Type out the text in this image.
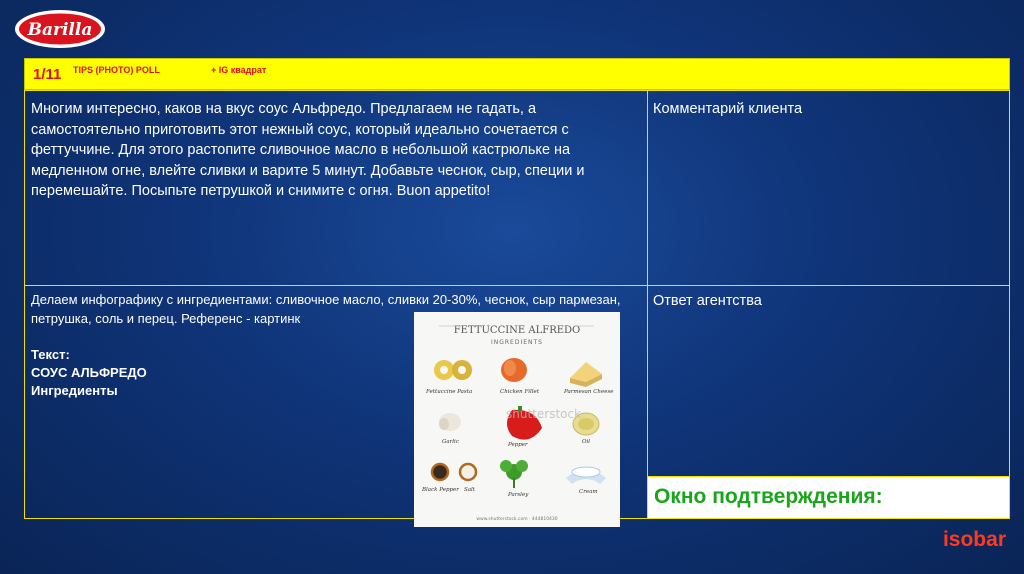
Barilla
1/11 TIPS (PHOTO) POLL	+ IG квадрат
Многим интересно, каков на вкус соус Альфредо. Предлагаем не гадать, а самостоятельно приготовить этот нежный соус, который идеально сочетается с феттуччине. Для этого растопите сливочное масло в небольшой кастрюльке на медленном огне, влейте сливки и варите 5 минут. Добавьте чеснок, сыр, специи и перемешайте. Посыпьте петрушкой и снимите с огня. Buon appetito!
Комментарий клиента
Делаем инфографику с ингредиентами: сливочное масло, сливки 20-30%, чеснок, сыр пармезан, петрушка, соль и перец. Референс - картинк
Текст:
СОУС АЛЬФРЕДО
Ингредиенты
Ответ агентства
Окно подтверждения:
FETTUCCINE ALFREDO
INGREDIENTS
shutterstock
www.shutterstock.com · 444810430
Fettuccine Pasta	Chicken Fillet	Parmesan Cheese
Garlic	Pepper	Oil
Black Pepper Salt
Parsley	Cream
isobar
